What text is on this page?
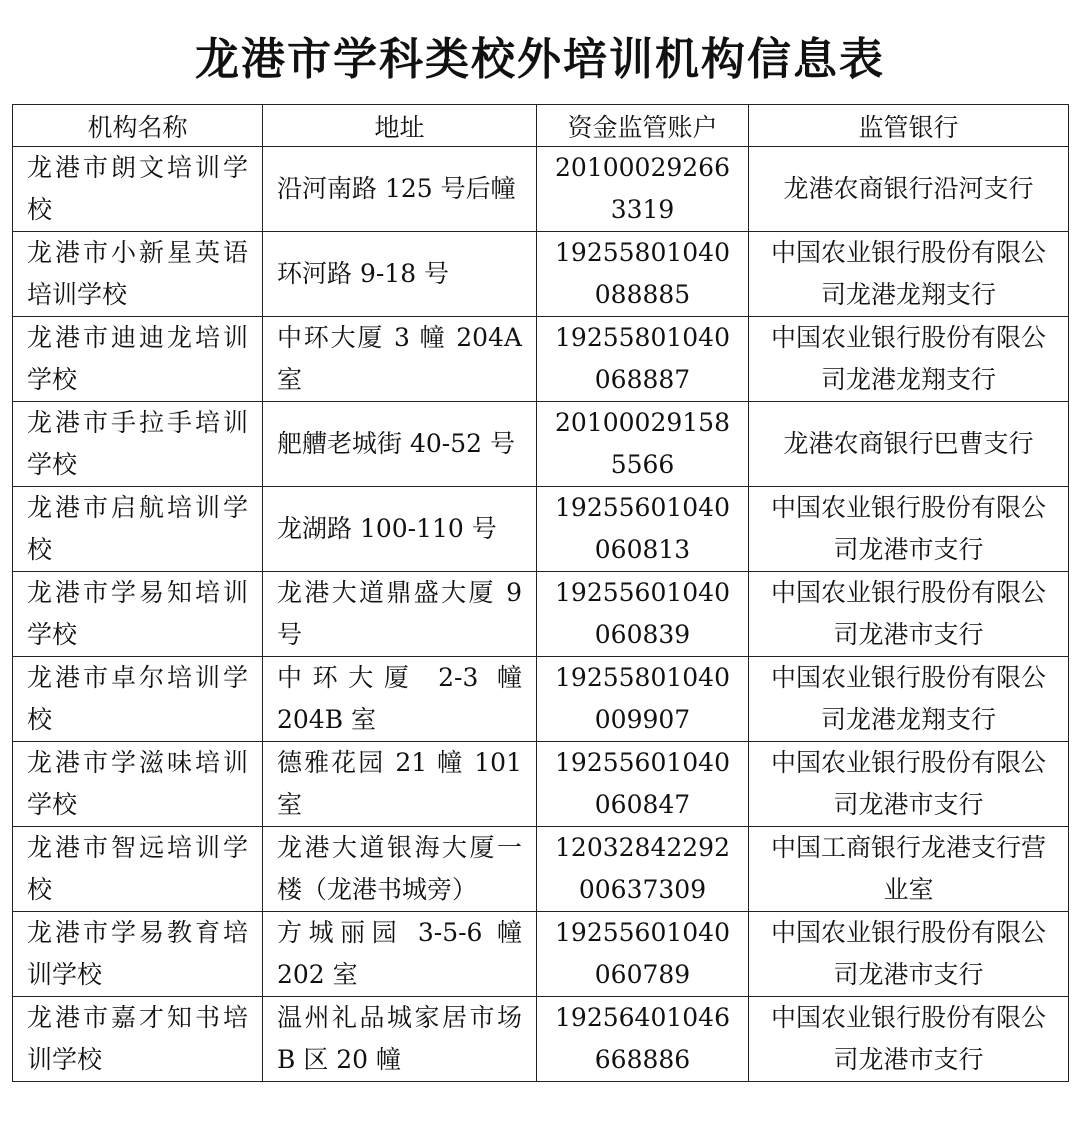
龙港市学科类校外培训机构信息表
机构名称	地址	资金监管账户	监管银行
龙港市朗文培训学校	沿河南路 125 号后幢	201000292663319	龙港农商银行沿河支行
龙港市小新星英语培训学校	环河路 9-18 号	19255801040088885	中国农业银行股份有限公司龙港龙翔支行
龙港市迪迪龙培训学校	中环大厦 3 幢 204A 室	19255801040068887	中国农业银行股份有限公司龙港龙翔支行
龙港市手拉手培训学校	舥艚老城街 40-52 号	201000291585566	龙港农商银行巴曹支行
龙港市启航培训学校	龙湖路 100-110 号	19255601040060813	中国农业银行股份有限公司龙港市支行
龙港市学易知培训学校	龙港大道鼎盛大厦 9 号	19255601040060839	中国农业银行股份有限公司龙港市支行
龙港市卓尔培训学校	中环大厦 2-3 幢 204B 室	19255801040009907	中国农业银行股份有限公司龙港龙翔支行
龙港市学滋味培训学校	德雅花园 21 幢 101 室	19255601040060847	中国农业银行股份有限公司龙港市支行
龙港市智远培训学校	龙港大道银海大厦一楼（龙港书城旁）	1203284229200637309	中国工商银行龙港支行营业室
龙港市学易教育培训学校	方城丽园 3-5-6 幢 202 室	19255601040060789	中国农业银行股份有限公司龙港市支行
龙港市嘉才知书培训学校	温州礼品城家居市场 B 区 20 幢	19256401046668886	中国农业银行股份有限公司龙港市支行
